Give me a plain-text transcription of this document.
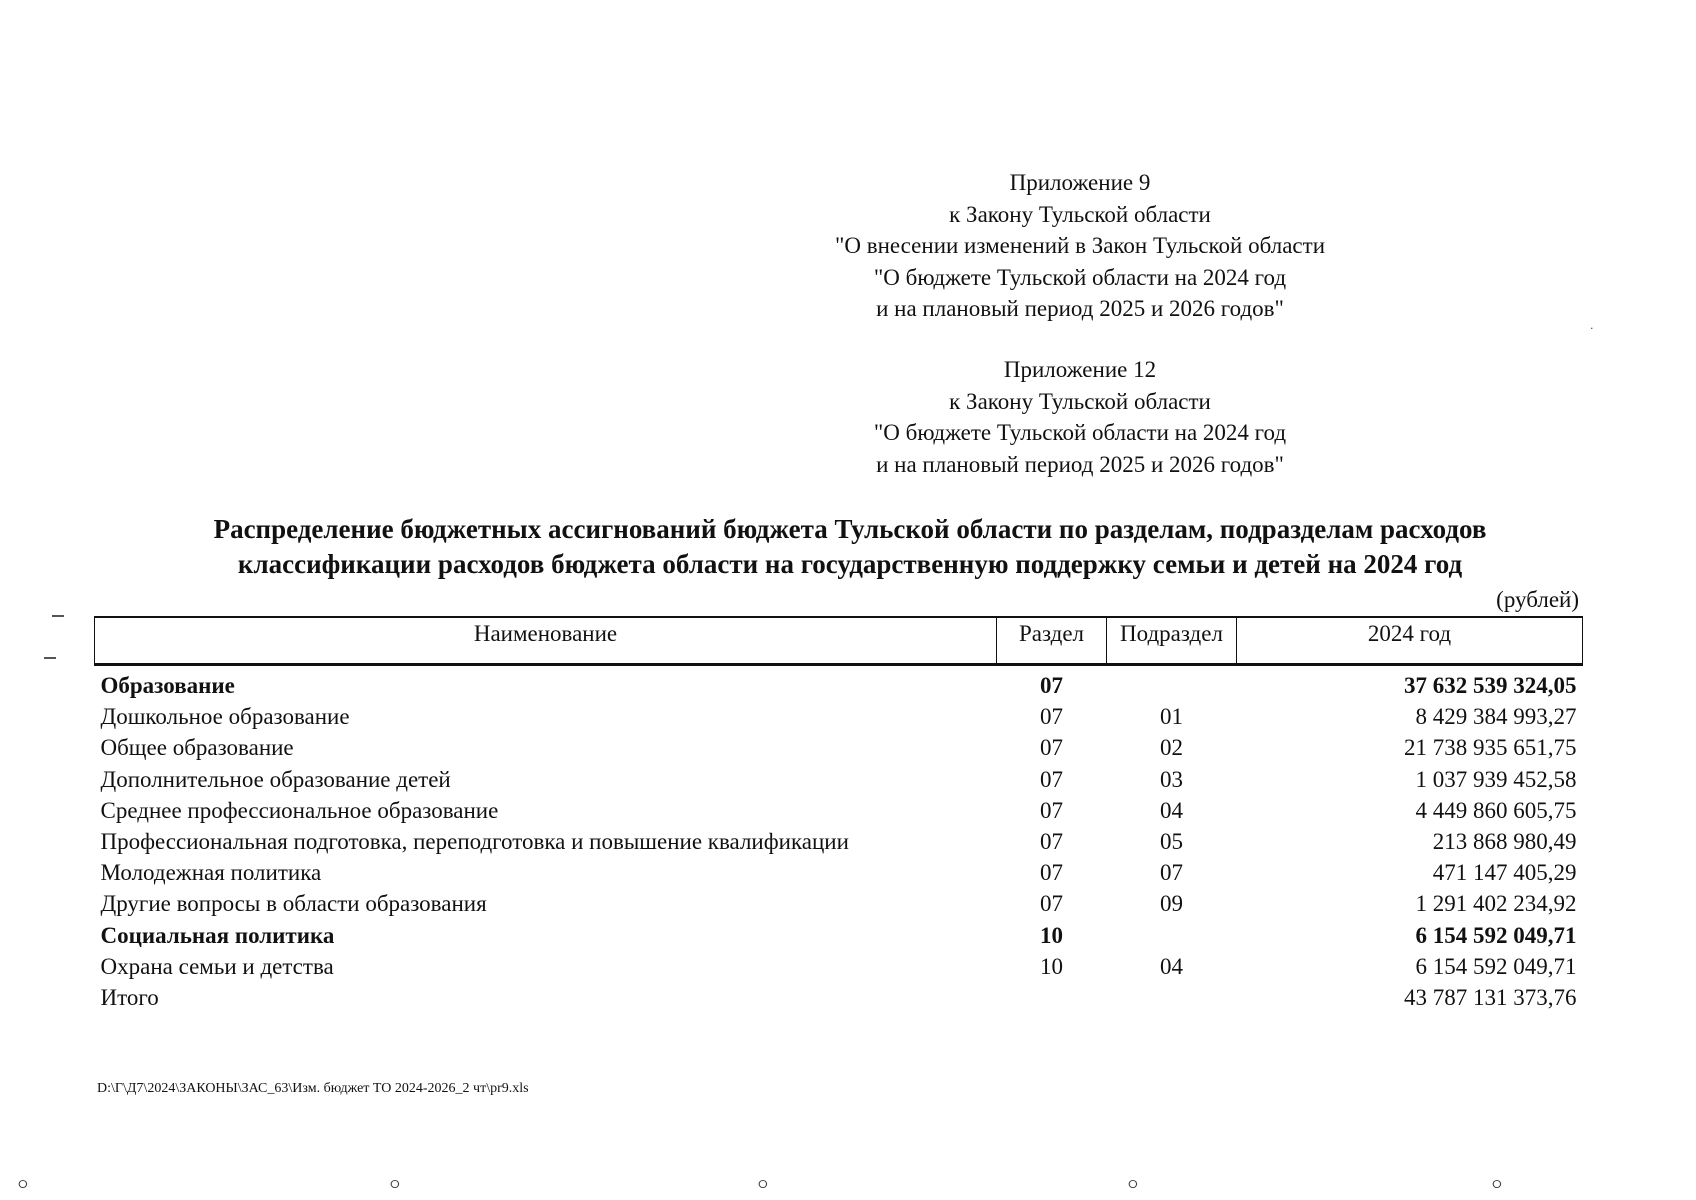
Приложение 9
к Закону Тульской области
"О внесении изменений в Закон Тульской области
"О бюджете Тульской области на 2024 год
и на плановый период 2025 и 2026 годов"
Приложение 12
к Закону Тульской области
"О бюджете Тульской области на 2024 год
и на плановый период 2025 и 2026 годов"
Распределение бюджетных ассигнований бюджета Тульской области по разделам, подразделам расходов
классификации расходов бюджета области на государственную поддержку семьи и детей на 2024 год
(рублей)
Наименование	Раздел	Подраздел	2024 год
Образование	07		37 632 539 324,05
Дошкольное образование	07	01	8 429 384 993,27
Общее образование	07	02	21 738 935 651,75
Дополнительное образование детей	07	03	1 037 939 452,58
Среднее профессиональное образование	07	04	4 449 860 605,75
Профессиональная подготовка, переподготовка и повышение квалификации	07	05	213 868 980,49
Молодежная политика	07	07	471 147 405,29
Другие вопросы в области образования	07	09	1 291 402 234,92
Социальная политика	10		6 154 592 049,71
Охрана семьи и детства	10	04	6 154 592 049,71
Итого			43 787 131 373,76
D:\Г\Д7\2024\ЗАКОНЫ\ЗАС_63\Изм. бюджет ТО 2024-2026_2 чт\pr9.xls
·
ⵔ	ⵔ	ⵔ	ⵔ	ⵔ
